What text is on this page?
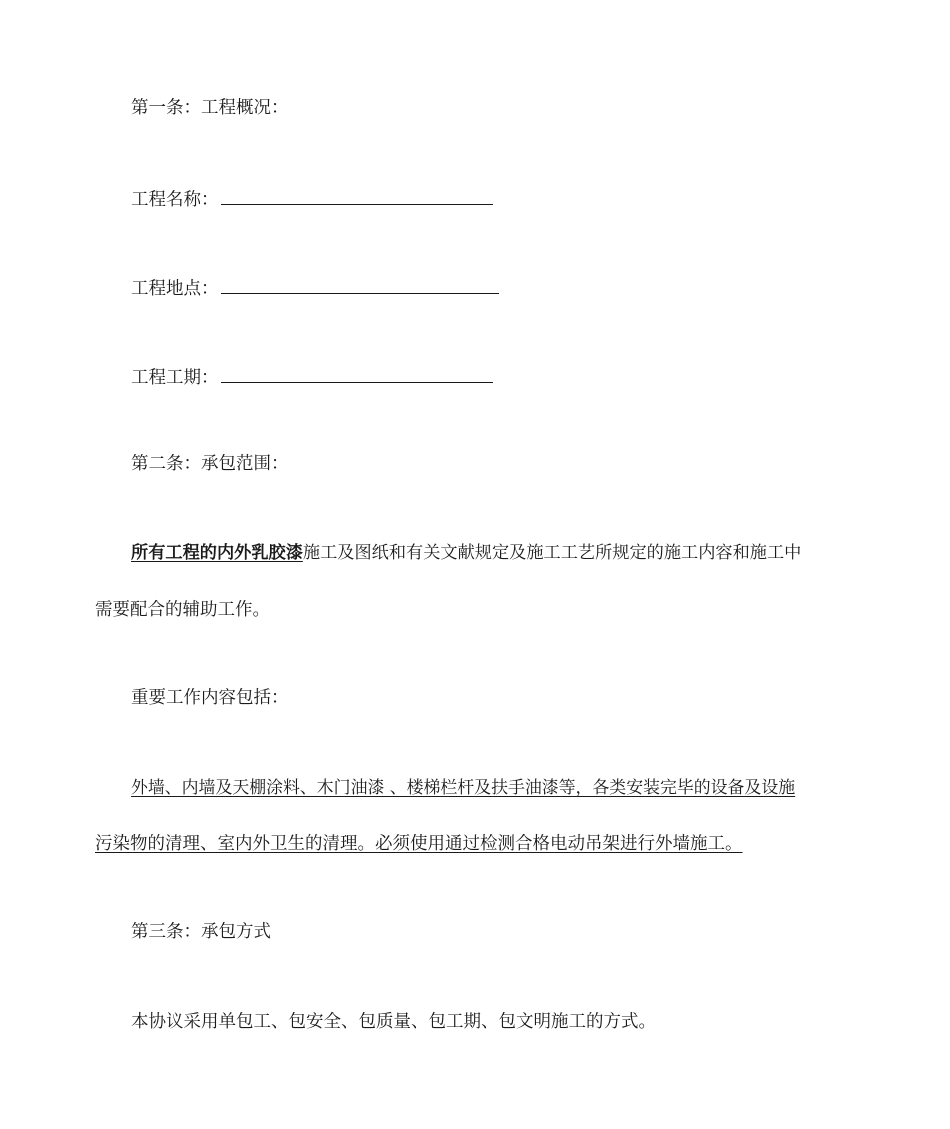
第一条：工程概况：
工程名称：
工程地点：
工程工期：
第二条：承包范围：
所有工程的内外乳胶漆施工及图纸和有关文献规定及施工工艺所规定的施工内容和施工中
需要配合的辅助工作。
重要工作内容包括：
外墙、内墙及天棚涂料、木门油漆 、楼梯栏杆及扶手油漆等，各类安装完毕的设备及设施
污染物的清理、室内外卫生的清理。必须使用通过检测合格电动吊架进行外墙施工。
第三条：承包方式
本协议采用单包工、包安全、包质量、包工期、包文明施工的方式。
